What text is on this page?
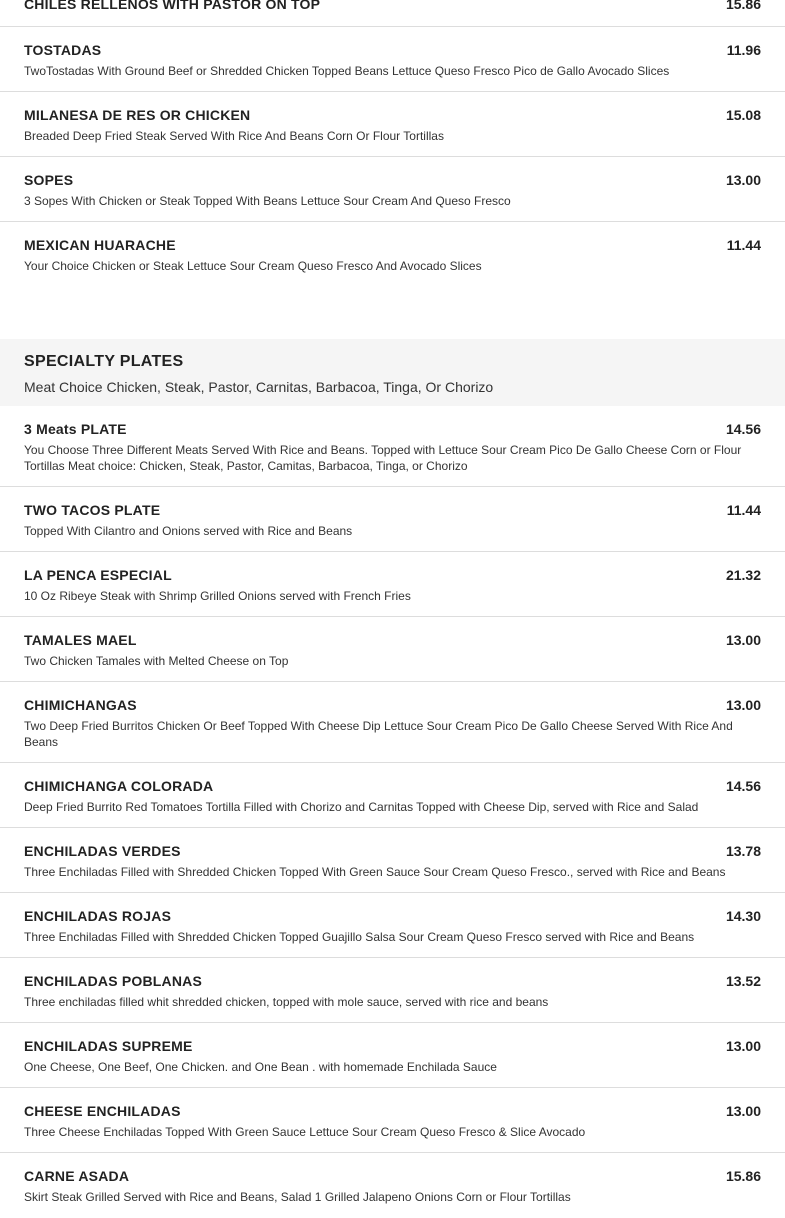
CHILES RELLENOS WITH PASTOR ON TOP	15.86
TOSTADAS	11.96
TwoTostadas With Ground Beef or Shredded Chicken Topped Beans Lettuce Queso Fresco Pico de Gallo Avocado Slices
MILANESA DE RES OR CHICKEN	15.08
Breaded Deep Fried Steak Served With Rice And Beans Corn Or Flour Tortillas
SOPES	13.00
3 Sopes With Chicken or Steak Topped With Beans Lettuce Sour Cream And Queso Fresco
MEXICAN HUARACHE	11.44
Your Choice Chicken or Steak Lettuce Sour Cream Queso Fresco And Avocado Slices
SPECIALTY PLATES
Meat Choice Chicken, Steak, Pastor, Carnitas, Barbacoa, Tinga, Or Chorizo
3 Meats PLATE	14.56
You Choose Three Different Meats Served With Rice and Beans. Topped with Lettuce Sour Cream Pico De Gallo Cheese Corn or Flour Tortillas Meat choice: Chicken, Steak, Pastor, Camitas, Barbacoa, Tinga, or Chorizo
TWO TACOS PLATE	11.44
Topped With Cilantro and Onions served with Rice and Beans
LA PENCA ESPECIAL	21.32
10 Oz Ribeye Steak with Shrimp Grilled Onions served with French Fries
TAMALES MAEL	13.00
Two Chicken Tamales with Melted Cheese on Top
CHIMICHANGAS	13.00
Two Deep Fried Burritos Chicken Or Beef Topped With Cheese Dip Lettuce Sour Cream Pico De Gallo Cheese Served With Rice And Beans
CHIMICHANGA COLORADA	14.56
Deep Fried Burrito Red Tomatoes Tortilla Filled with Chorizo and Carnitas Topped with Cheese Dip, served with Rice and Salad
ENCHILADAS VERDES	13.78
Three Enchiladas Filled with Shredded Chicken Topped With Green Sauce Sour Cream Queso Fresco., served with Rice and Beans
ENCHILADAS ROJAS	14.30
Three Enchiladas Filled with Shredded Chicken Topped Guajillo Salsa Sour Cream Queso Fresco served with Rice and Beans
ENCHILADAS POBLANAS	13.52
Three enchiladas filled whit shredded chicken, topped with mole sauce, served with rice and beans
ENCHILADAS SUPREME	13.00
One Cheese, One Beef, One Chicken. and One Bean . with homemade Enchilada Sauce
CHEESE ENCHILADAS	13.00
Three Cheese Enchiladas Topped With Green Sauce Lettuce Sour Cream Queso Fresco & Slice Avocado
CARNE ASADA	15.86
Skirt Steak Grilled Served with Rice and Beans, Salad 1 Grilled Jalapeno Onions Corn or Flour Tortillas
